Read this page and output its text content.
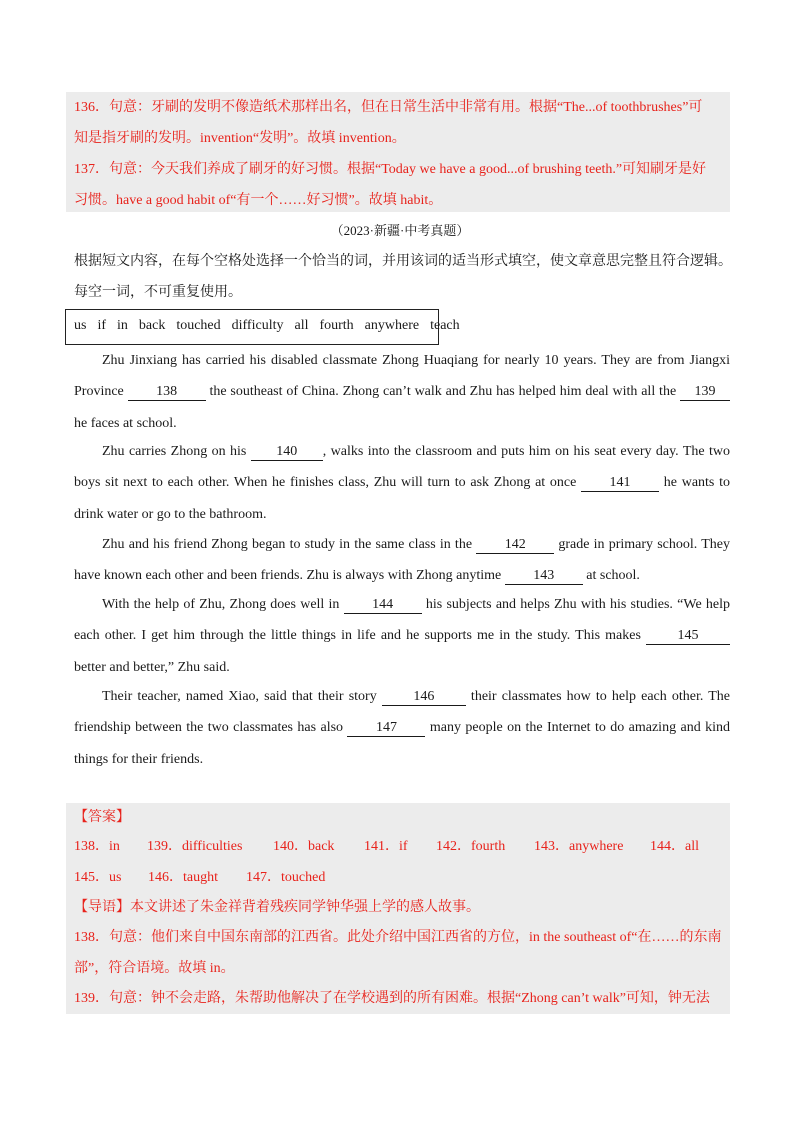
136．句意：牙刷的发明不像造纸术那样出名，但在日常生活中非常有用。根据“The...of toothbrushes”可
知是指牙刷的发明。invention“发明”。故填 invention。
137．句意：今天我们养成了刷牙的好习惯。根据“Today we have a good...of brushing teeth.”可知刷牙是好
习惯。have a good habit of“有一个……好习惯”。故填 habit。
（2023·新疆·中考真题）
根据短文内容，在每个空格处选择一个恰当的词，并用该词的适当形式填空，使文章意思完整且符合逻辑。
每空一词，不可重复使用。
us  if  in  back  touched  difficulty  all  fourth  anywhere  teach
Zhu Jinxiang has carried his disabled classmate Zhong Huaqiang for nearly 10 years. They are from Jiangxi Province 138 the southeast of China. Zhong can’t walk and Zhu has helped him deal with all the 139 he faces at school.
Zhu carries Zhong on his 140 , walks into the classroom and puts him on his seat every day. The two boys sit next to each other. When he finishes class, Zhu will turn to ask Zhong at once 141 he wants to drink water or go to the bathroom.
Zhu and his friend Zhong began to study in the same class in the 142 grade in primary school. They have known each other and been friends. Zhu is always with Zhong anytime 143 at school.
With the help of Zhu, Zhong does well in 144 his subjects and helps Zhu with his studies. “We help each other. I get him through the little things in life and he supports me in the study. This makes 145 better and better,” Zhu said.
Their teacher, named Xiao, said that their story 146 their classmates how to help each other. The friendship between the two classmates has also 147 many people on the Internet to do amazing and kind things for their friends.
【答案】
138．in 139．difficulties 140．back 141．if 142．fourth 143．anywhere 144．all
145．us 146．taught 147．touched
【导语】本文讲述了朱金祥背着残疾同学钟华强上学的感人故事。
138．句意：他们来自中国东南部的江西省。此处介绍中国江西省的方位，in the southeast of“在……的东南
部”，符合语境。故填 in。
139．句意：钟不会走路，朱帮助他解决了在学校遇到的所有困难。根据“Zhong can’t walk”可知，钟无法
